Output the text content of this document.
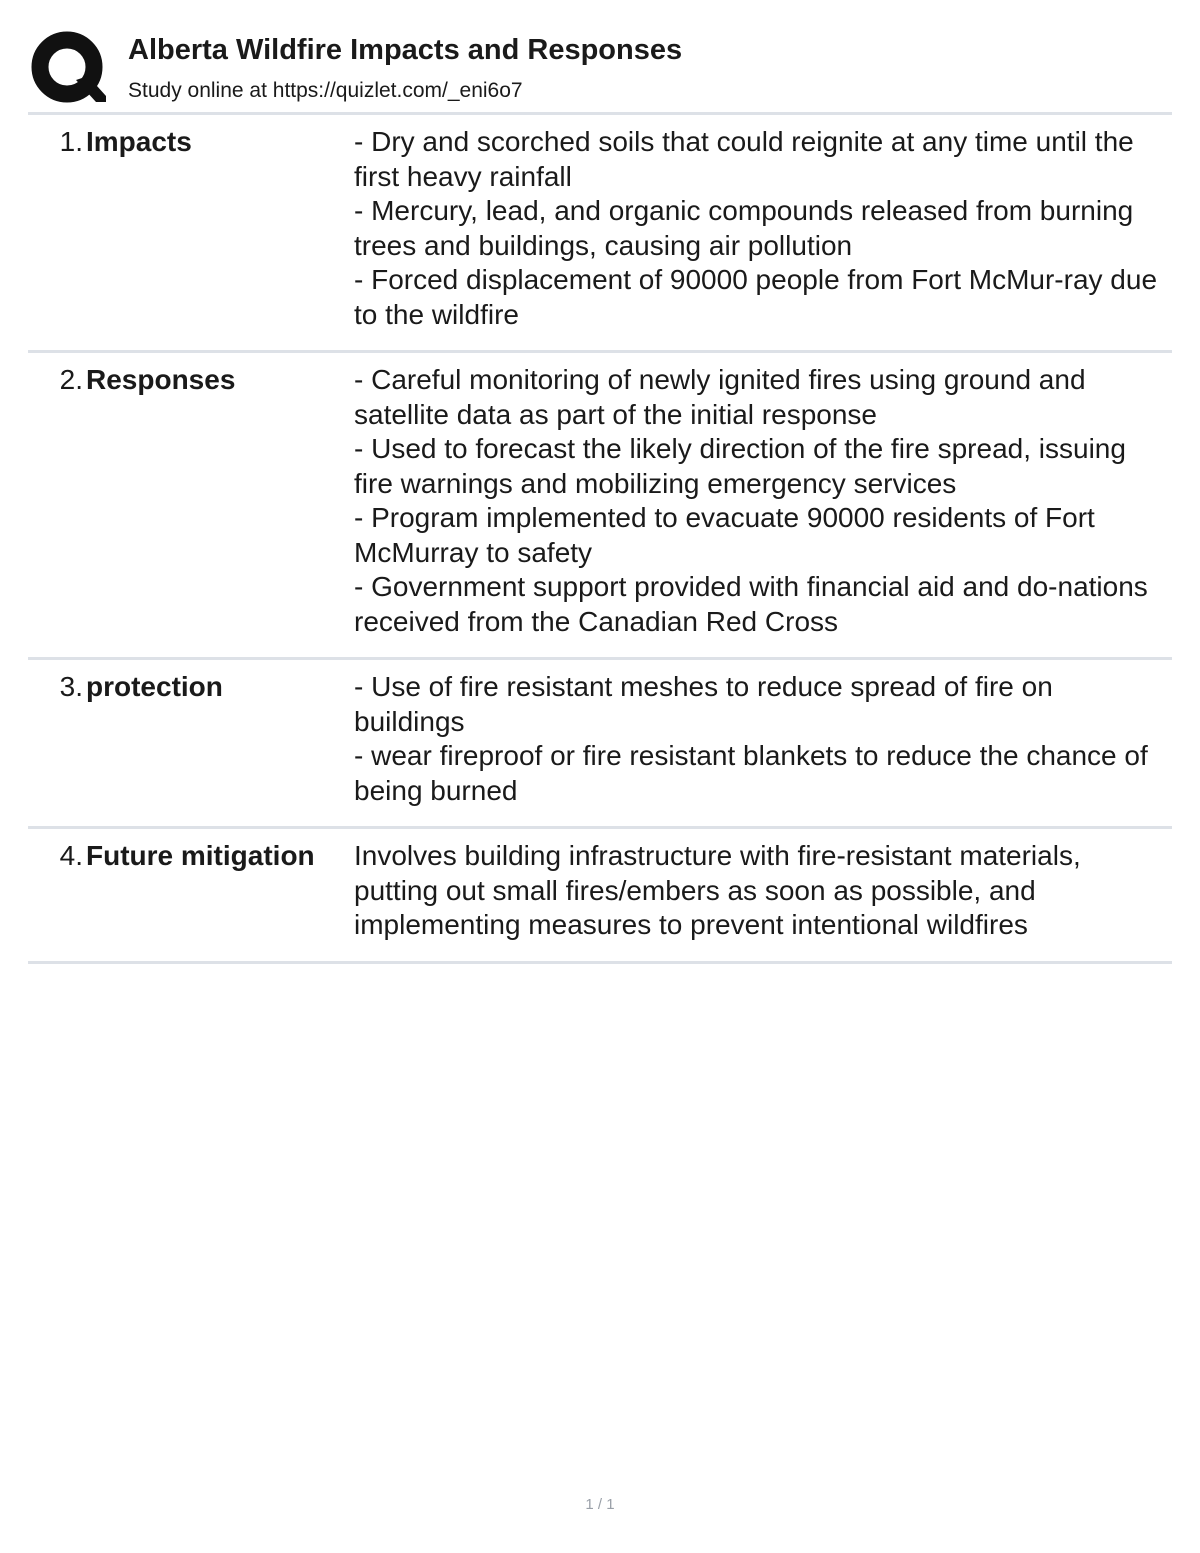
Alberta Wildfire Impacts and Responses
Study online at https://quizlet.com/_eni6o7
1. Impacts	- Dry and scorched soils that could reignite at any time until the first heavy rainfall
- Mercury, lead, and organic compounds released from burning trees and buildings, causing air pollution
- Forced displacement of 90000 people from Fort McMur-ray due to the wildfire
2. Responses	- Careful monitoring of newly ignited fires using ground and satellite data as part of the initial response
- Used to forecast the likely direction of the fire spread, issuing fire warnings and mobilizing emergency services
- Program implemented to evacuate 90000 residents of Fort McMurray to safety
- Government support provided with financial aid and do-nations received from the Canadian Red Cross
3. protection	- Use of fire resistant meshes to reduce spread of fire on buildings
- wear fireproof or fire resistant blankets to reduce the chance of being burned
4. Future mitigation	Involves building infrastructure with fire-resistant materials, putting out small fires/embers as soon as possible, and implementing measures to prevent intentional wildfires
1 / 1
